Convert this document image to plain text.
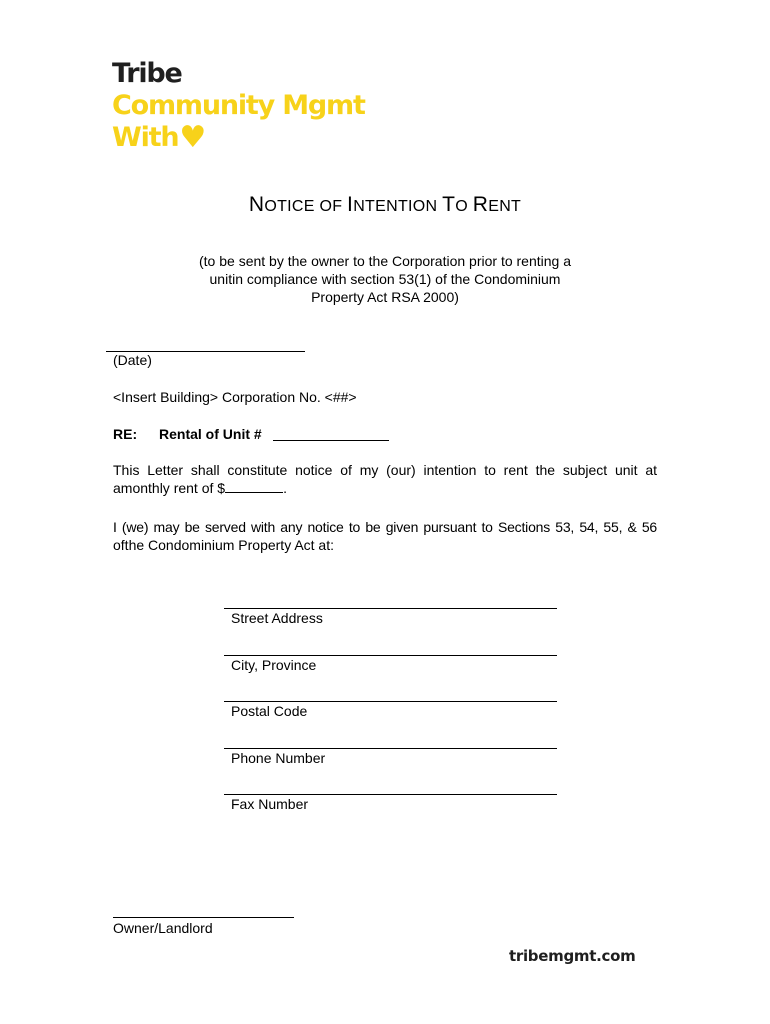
Tribe
Community Mgmt
With♥
NOTICE OF INTENTION TO RENT
(to be sent by the owner to the Corporation prior to renting a
unitin compliance with section 53(1) of the Condominium
Property Act RSA 2000)
(Date)
<Insert Building> Corporation No. <##>
RE: Rental of Unit #
This Letter shall constitute notice of my (our) intention to rent the subject unit at
amonthly rent of $	.
I (we) may be served with any notice to be given pursuant to Sections 53, 54, 55, & 56
ofthe Condominium Property Act at:
Street Address
City, Province
Postal Code
Phone Number
Fax Number
Owner/Landlord
tribemgmt.com
